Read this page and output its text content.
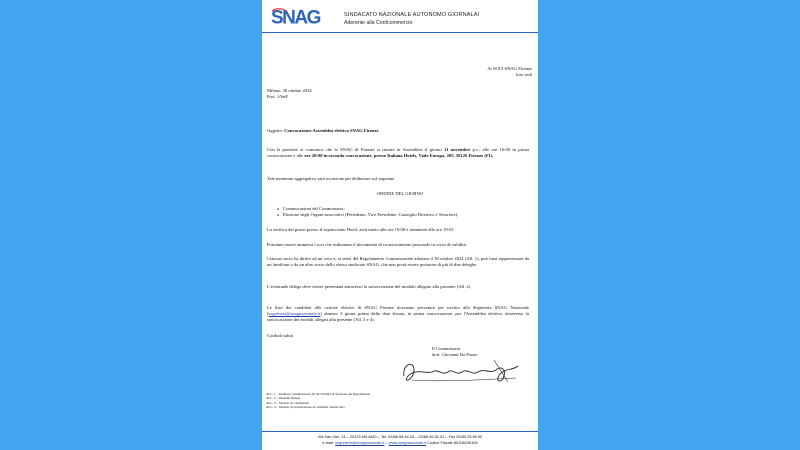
SNAG	SINDACATO NAZIONALE AUTONOMO GIORNALAI
Aderente alla Confcommercio
Ai SOCI SNAG Firenze
loro sedi
Milano, 30 ottobre 2024
Prot. 1/SnF
Oggetto: Convocazione Assemblea elettiva SNAG Firenze
Con la presente si comunica che lo SNAG di Firenze si riunirà in Assemblea il giorno 11 novembre p.v., alle ore 16:00 in prima convocazione e alle ore 20:00 in seconda convocazione, presso Italiana Hotels, Viale Europa, 205, 50126 Firenze (FI).
Tale momento aggregativo sarà occasione per deliberare sul seguente
ORDINE DEL GIORNO
● Comunicazioni del Commissario;
● Elezione degli Organi associativi (Presidente, Vice Presidente, Consiglio Direttivo e Tesoriere).
La verifica dei poteri presso il sopraccitato Hotel, avrà inizio alle ore 19:00 e terminerà alle ore 19:55.
Potranno essere ammessi i soci che esibiranno il documento di riconoscimento personale in corso di validità.
Ciascun socio ha diritto ad un voto e, ai sensi del Regolamento Commissariale adottato il 30 ottobre 2024 (All. 1), può farsi rappresentare da un familiare o da un altro socio dello stesso sindacato SNAG, che non potrà essere portatore di più di due deleghe.
L'eventuale delega deve essere presentata attraverso la sottoscrizione del modulo allegato alla presente (All. 2).
Le liste dei candidati alle cariche elettive di SNAG Firenze dovranno pervenire per iscritto alla Segreteria SNAG Nazionale (segreteria@snagnazionale.it) almeno 3 giorni prima della data fissata, in prima convocazione, per l'Assemblea elettiva, attraverso la sottoscrizione dei moduli allegati alla presente (All. 3 e 4).
Cordiali saluti
Il Commissario
dott. Giovanni Da Pozzo
ALL. 1 – Delibera commissariale del 30/10/2024 di adozione del Regolamento
ALL. 2 – Modello Delega
ALL. 3 – Modulo di candidatura
ALL. 4 – Modulo di presentazione di candidati tramite lista
Via San Vito, 24 – 20123 MILANO – Tel. 02/86.98.44.15 – 02/86.45.51.01 – Fax 02/80.29.85.90
e-mail: segreteria@snagnazionale.it – www.snagnazionale.it Codice Fiscale 80108230154
